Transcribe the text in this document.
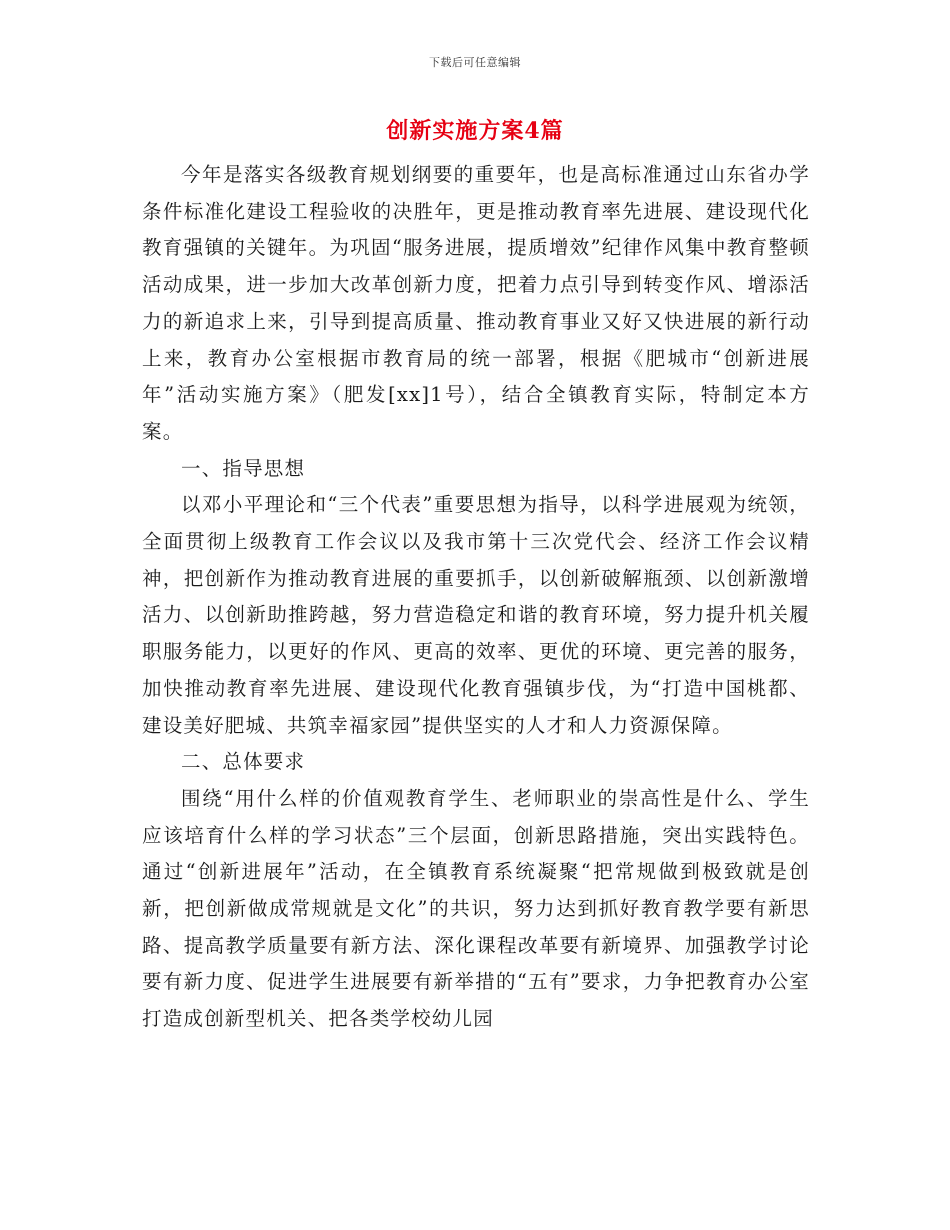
下载后可任意编辑
创新实施方案4篇

今年是落实各级教育规划纲要的重要年，也是高标准通过山东省办学条件标准化建设工程验收的决胜年，更是推动教育率先进展、建设现代化教育强镇的关键年。为巩固“服务进展，提质增效”纪律作风集中教育整顿活动成果，进一步加大改革创新力度，把着力点引导到转变作风、增添活力的新追求上来，引导到提高质量、推动教育事业又好又快进展的新行动上来，教育办公室根据市教育局的统一部署，根据《肥城市“创新进展年”活动实施方案》（肥发[xx]1号），结合全镇教育实际，特制定本方案。

一、指导思想

以邓小平理论和“三个代表”重要思想为指导，以科学进展观为统领，全面贯彻上级教育工作会议以及我市第十三次党代会、经济工作会议精神，把创新作为推动教育进展的重要抓手，以创新破解瓶颈、以创新激增活力、以创新助推跨越，努力营造稳定和谐的教育环境，努力提升机关履职服务能力，以更好的作风、更高的效率、更优的环境、更完善的服务，加快推动教育率先进展、建设现代化教育强镇步伐，为“打造中国桃都、建设美好肥城、共筑幸福家园”提供坚实的人才和人力资源保障。

二、总体要求

围绕“用什么样的价值观教育学生、老师职业的崇高性是什么、学生应该培育什么样的学习状态”三个层面，创新思路措施，突出实践特色。通过“创新进展年”活动，在全镇教育系统凝聚“把常规做到极致就是创新，把创新做成常规就是文化”的共识，努力达到抓好教育教学要有新思路、提高教学质量要有新方法、深化课程改革要有新境界、加强教学讨论要有新力度、促进学生进展要有新举措的“五有”要求，力争把教育办公室打造成创新型机关、把各类学校幼儿园
